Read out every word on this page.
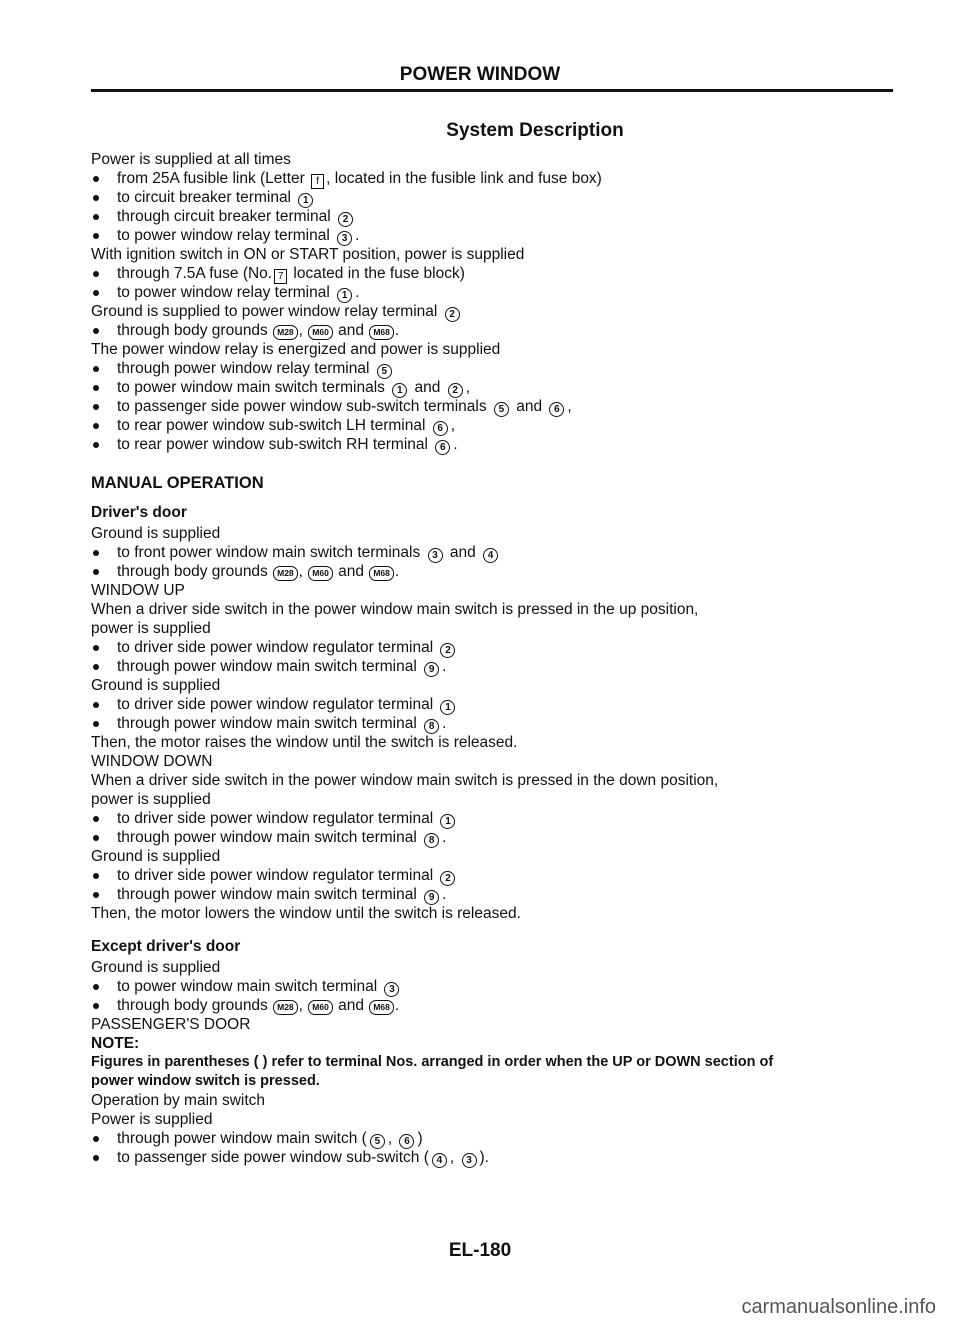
POWER WINDOW
System Description
Power is supplied at all times
from 25A fusible link (Letter f , located in the fusible link and fuse box)
to circuit breaker terminal 1
through circuit breaker terminal 2
to power window relay terminal 3 .
With ignition switch in ON or START position, power is supplied
through 7.5A fuse (No. 7 located in the fuse block)
to power window relay terminal 1 .
Ground is supplied to power window relay terminal 2
through body grounds M28 , M60 and M68 .
The power window relay is energized and power is supplied
through power window relay terminal 5
to power window main switch terminals 1 and 2 ,
to passenger side power window sub-switch terminals 5 and 6 ,
to rear power window sub-switch LH terminal 6 ,
to rear power window sub-switch RH terminal 6 .
MANUAL OPERATION
Driver's door
Ground is supplied
to front power window main switch terminals 3 and 4
through body grounds M28 , M60 and M68 .
WINDOW UP
When a driver side switch in the power window main switch is pressed in the up position,
power is supplied
to driver side power window regulator terminal 2
through power window main switch terminal 9 .
Ground is supplied
to driver side power window regulator terminal 1
through power window main switch terminal 8 .
Then, the motor raises the window until the switch is released.
WINDOW DOWN
When a driver side switch in the power window main switch is pressed in the down position,
power is supplied
to driver side power window regulator terminal 1
through power window main switch terminal 8 .
Ground is supplied
to driver side power window regulator terminal 2
through power window main switch terminal 9 .
Then, the motor lowers the window until the switch is released.
Except driver's door
Ground is supplied
to power window main switch terminal 3
through body grounds M28 , M60 and M68 .
PASSENGER'S DOOR
NOTE:
Figures in parentheses ( ) refer to terminal Nos. arranged in order when the UP or DOWN section of
power window switch is pressed.
Operation by main switch
Power is supplied
through power window main switch ( 5 , 6 )
to passenger side power window sub-switch ( 4 , 3 ).
EL-180
carmanualsonline.info
